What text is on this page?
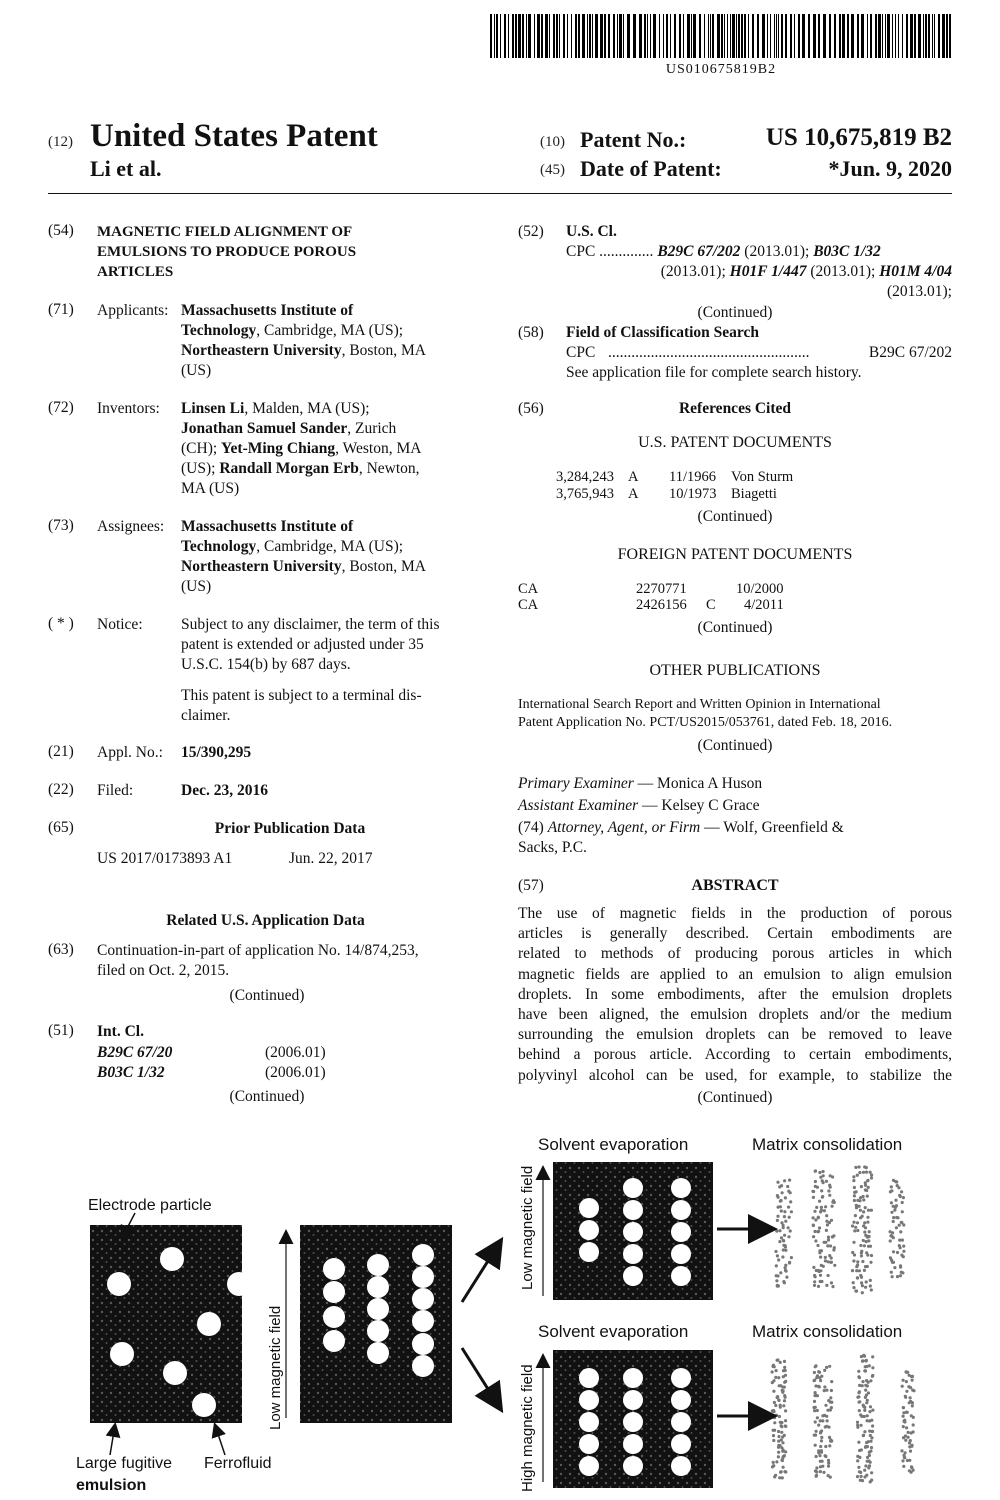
US010675819B2
(12) United States Patent
Li et al.
(10) Patent No.:	US 10,675,819 B2
(45) Date of Patent:	*Jun. 9, 2020
(54) MAGNETIC FIELD ALIGNMENT OF
EMULSIONS TO PRODUCE POROUS
ARTICLES
(71) Applicants: Massachusetts Institute of
Technology, Cambridge, MA (US);
Northeastern University, Boston, MA
(US)
(72) Inventors: Linsen Li, Malden, MA (US);
Jonathan Samuel Sander, Zurich
(CH); Yet-Ming Chiang, Weston, MA
(US); Randall Morgan Erb, Newton,
MA (US)
(73) Assignees: Massachusetts Institute of
Technology, Cambridge, MA (US);
Northeastern University, Boston, MA
(US)
( * ) Notice: Subject to any disclaimer, the term of this
patent is extended or adjusted under 35
U.S.C. 154(b) by 687 days.
This patent is subject to a terminal dis-
claimer.
(21) Appl. No.: 15/390,295
(22) Filed:	Dec. 23, 2016
(65)	Prior Publication Data
US 2017/0173893 A1	Jun. 22, 2017
Related U.S. Application Data
(63) Continuation-in-part of application No. 14/874,253,
filed on Oct. 2, 2015.
(Continued)
(51) Int. Cl.
B29C 67/20	(2006.01)
B03C 1/32	(2006.01)
(Continued)
(52) U.S. Cl.
CPC .............. B29C 67/202 (2013.01); B03C 1/32
(2013.01); H01F 1/447 (2013.01); H01M 4/04
(2013.01);
(Continued)
(58) Field of Classification Search
CPC ....................................................	B29C 67/202
See application file for complete search history.
(56)	References Cited
U.S. PATENT DOCUMENTS
3,284,243 A 11/1966 Von Sturm
3,765,943 A 10/1973 Biagetti
(Continued)
FOREIGN PATENT DOCUMENTS
CA	2270771	10/2000
CA	2426156 C 4/2011
(Continued)
OTHER PUBLICATIONS
International Search Report and Written Opinion in International
Patent Application No. PCT/US2015/053761, dated Feb. 18, 2016.
(Continued)
Primary Examiner — Monica A Huson
Assistant Examiner — Kelsey C Grace
(74) Attorney, Agent, or Firm — Wolf, Greenfield &
Sacks, P.C.
(57)	ABSTRACT
The use of magnetic fields in the production of porous
articles is generally described. Certain embodiments are
related to methods of producing porous articles in which
magnetic fields are applied to an emulsion to align emulsion
droplets. In some embodiments, after the emulsion droplets
have been aligned, the emulsion droplets and/or the medium
surrounding the emulsion droplets can be removed to leave
behind a porous article. According to certain embodiments,
polyvinyl alcohol can be used, for example, to stabilize the
(Continued)
Electrode particle
Low magnetic field
Low magnetic field
High magnetic field
Solvent evaporation
Solvent evaporation
Matrix consolidation
Matrix consolidation
Large fugitive
emulsion
Ferrofluid
